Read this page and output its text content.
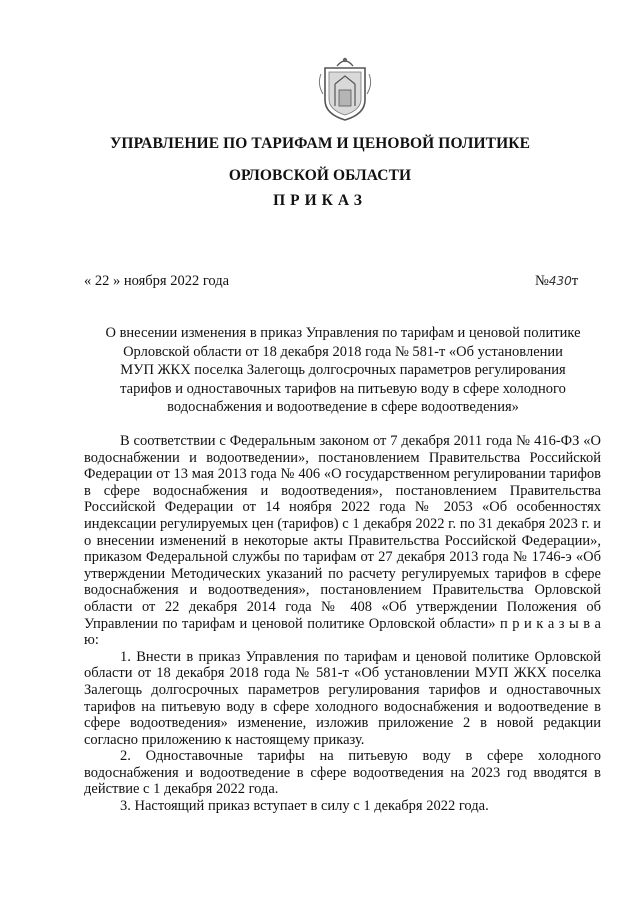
УПРАВЛЕНИЕ ПО ТАРИФАМ И ЦЕНОВОЙ ПОЛИТИКЕ
ОРЛОВСКОЙ ОБЛАСТИ
ПРИКАЗ
« 22 » ноября 2022 года	№430т
О внесении изменения в приказ Управления по тарифам и ценовой политике
Орловской области от 18 декабря 2018 года № 581-т «Об установлении
МУП ЖКХ поселка Залегощь долгосрочных параметров регулирования
тарифов и одноставочных тарифов на питьевую воду в сфере холодного
водоснабжения и водоотведение в сфере водоотведения»

В соответствии с Федеральным законом от 7 декабря 2011 года № 416-ФЗ «О водоснабжении и водоотведении», постановлением Правительства Российской Федерации от 13 мая 2013 года № 406 «О государственном регулировании тарифов в сфере водоснабжения и водоотведения», постановлением Правительства Российской Федерации от 14 ноября 2022 года № 2053 «Об особенностях индексации регулируемых цен (тарифов) с 1 декабря 2022 г. по 31 декабря 2023 г. и о внесении изменений в некоторые акты Правительства Российской Федерации», приказом Федеральной службы по тарифам от 27 декабря 2013 года № 1746-э «Об утверждении Методических указаний по расчету регулируемых тарифов в сфере водоснабжения и водоотведения», постановлением Правительства Орловской области от 22 декабря 2014 года № 408 «Об утверждении Положения об Управлении по тарифам и ценовой политике Орловской области» п р и к а з ы в а ю:

1. Внести в приказ Управления по тарифам и ценовой политике Орловской области от 18 декабря 2018 года № 581-т «Об установлении МУП ЖКХ поселка Залегощь долгосрочных параметров регулирования тарифов и одноставочных тарифов на питьевую воду в сфере холодного водоснабжения и водоотведение в сфере водоотведения» изменение, изложив приложение 2 в новой редакции согласно приложению к настоящему приказу.

2. Одноставочные тарифы на питьевую воду в сфере холодного водоснабжения и водоотведение в сфере водоотведения на 2023 год вводятся в действие с 1 декабря 2022 года.

3. Настоящий приказ вступает в силу с 1 декабря 2022 года.
